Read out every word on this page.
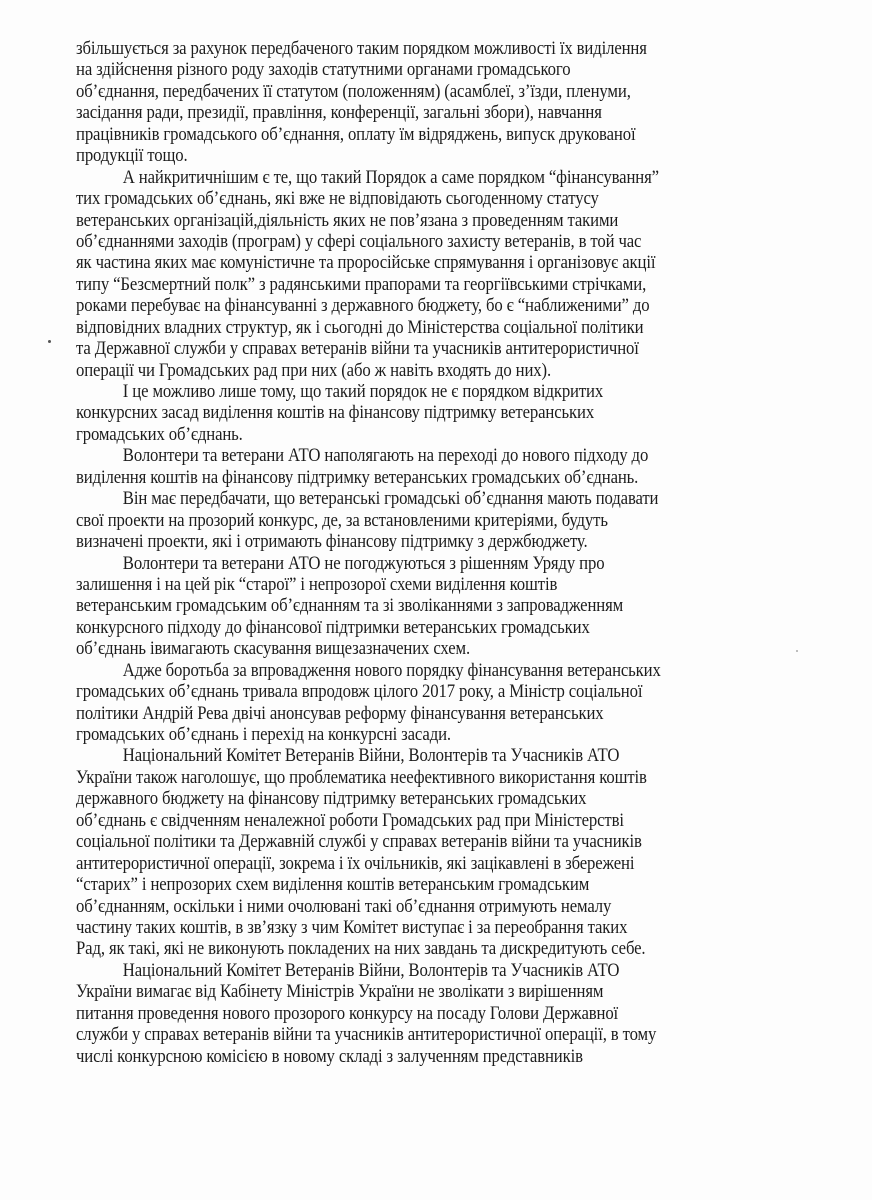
збільшується за рахунок передбаченого таким порядком можливості їх виділення
на здійснення різного роду заходів статутними органами громадського
об’єднання, передбачених її статутом (положенням) (асамблеї, з’їзди, пленуми,
засідання ради, президії, правління, конференції, загальні збори), навчання
працівників громадського об’єднання, оплату їм відряджень, випуск друкованої
продукції тощо.
А найкритичнішим є те, що такий Порядок а саме порядком “фінансування”
тих громадських об’єднань, які вже не відповідають сьогоденному статусу
ветеранських організацій,діяльність яких не пов’язана з проведенням такими
об’єднаннями заходів (програм) у сфері соціального захисту ветеранів, в той час
як частина яких має комуністичне та проросійське спрямування і організовує акції
типу “Безсмертний полк” з радянськими прапорами та георгіївськими стрічками,
роками перебуває на фінансуванні з державного бюджету, бо є “наближеними” до
відповідних владних структур, як і сьогодні до Міністерства соціальної політики
та Державної служби у справах ветеранів війни та учасників антитерористичної
операції чи Громадських рад при них (або ж навіть входять до них).
І це можливо лише тому, що такий порядок не є порядком відкритих
конкурсних засад виділення коштів на фінансову підтримку ветеранських
громадських об’єднань.
Волонтери та ветерани АТО наполягають на переході до нового підходу до
виділення коштів на фінансову підтримку ветеранських громадських об’єднань.
Він має передбачати, що ветеранські громадські об’єднання мають подавати
свої проекти на прозорий конкурс, де, за встановленими критеріями, будуть
визначені проекти, які і отримають фінансову підтримку з держбюджету.
Волонтери та ветерани АТО не погоджуються з рішенням Уряду про
залишення і на цей рік “старої” і непрозорої схеми виділення коштів
ветеранським громадським об’єднанням та зі зволіканнями з запровадженням
конкурсного підходу до фінансової підтримки ветеранських громадських
об’єднань івимагають скасування вищезазначених схем.
Адже боротьба за впровадження нового порядку фінансування ветеранських
громадських об’єднань тривала впродовж цілого 2017 року, а Міністр соціальної
політики Андрій Рева двічі анонсував реформу фінансування ветеранських
громадських об’єднань і перехід на конкурсні засади.
Національний Комітет Ветеранів Війни, Волонтерів та Учасників АТО
України також наголошує, що проблематика неефективного використання коштів
державного бюджету на фінансову підтримку ветеранських громадських
об’єднань є свідченням неналежної роботи Громадських рад при Міністерстві
соціальної політики та Державній службі у справах ветеранів війни та учасників
антитерористичної операції, зокрема і їх очільників, які зацікавлені в збережені
“старих” і непрозорих схем виділення коштів ветеранським громадським
об’єднанням, оскільки і ними очолювані такі об’єднання отримують немалу
частину таких коштів, в зв’язку з чим Комітет виступає і за переобрання таких
Рад, як такі, які не виконують покладених на них завдань та дискредитують себе.
Національний Комітет Ветеранів Війни, Волонтерів та Учасників АТО
України вимагає від Кабінету Міністрів України не зволікати з вирішенням
питання проведення нового прозорого конкурсу на посаду Голови Державної
служби у справах ветеранів війни та учасників антитерористичної операції, в тому
числі конкурсною комісією в новому складі з залученням представників
